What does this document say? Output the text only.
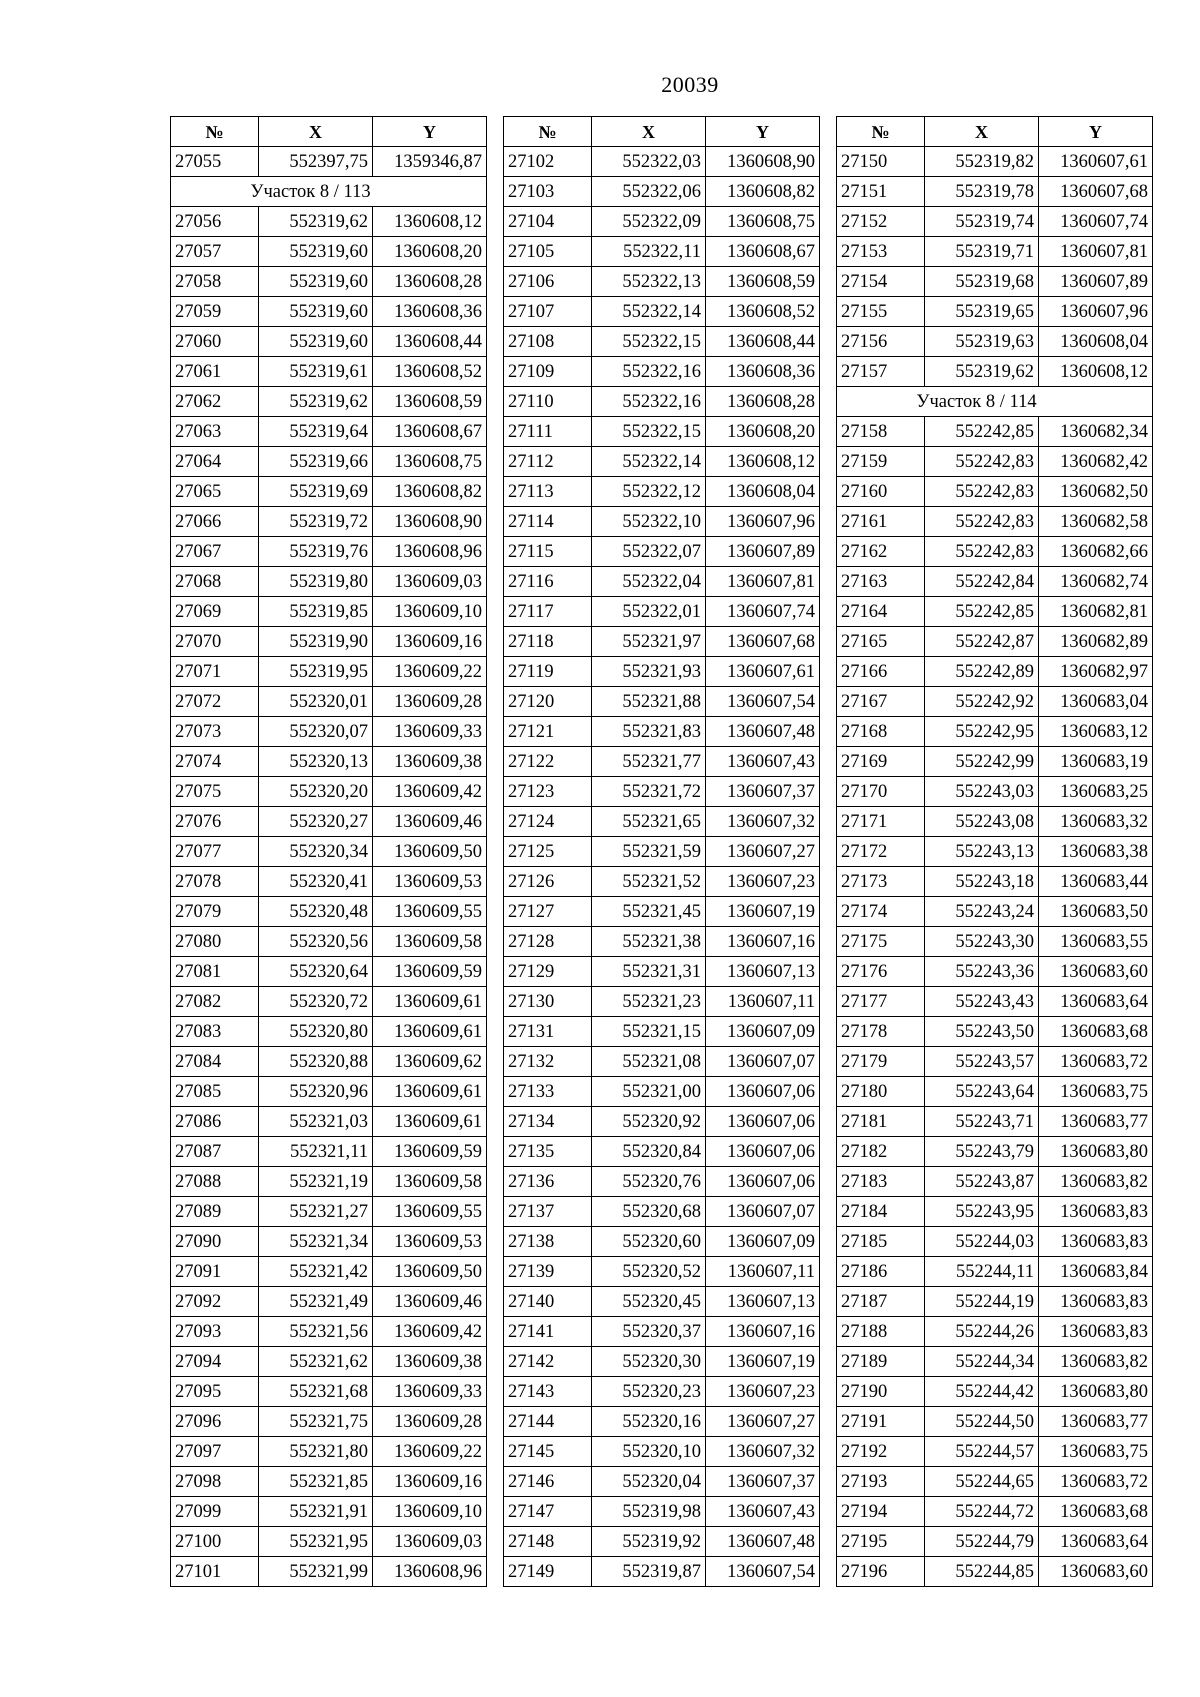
20039
№	X	Y
27055	552397,75	1359346,87
Участок 8 / 113		
27056	552319,62	1360608,12
27057	552319,60	1360608,20
27058	552319,60	1360608,28
27059	552319,60	1360608,36
27060	552319,60	1360608,44
27061	552319,61	1360608,52
27062	552319,62	1360608,59
27063	552319,64	1360608,67
27064	552319,66	1360608,75
27065	552319,69	1360608,82
27066	552319,72	1360608,90
27067	552319,76	1360608,96
27068	552319,80	1360609,03
27069	552319,85	1360609,10
27070	552319,90	1360609,16
27071	552319,95	1360609,22
27072	552320,01	1360609,28
27073	552320,07	1360609,33
27074	552320,13	1360609,38
27075	552320,20	1360609,42
27076	552320,27	1360609,46
27077	552320,34	1360609,50
27078	552320,41	1360609,53
27079	552320,48	1360609,55
27080	552320,56	1360609,58
27081	552320,64	1360609,59
27082	552320,72	1360609,61
27083	552320,80	1360609,61
27084	552320,88	1360609,62
27085	552320,96	1360609,61
27086	552321,03	1360609,61
27087	552321,11	1360609,59
27088	552321,19	1360609,58
27089	552321,27	1360609,55
27090	552321,34	1360609,53
27091	552321,42	1360609,50
27092	552321,49	1360609,46
27093	552321,56	1360609,42
27094	552321,62	1360609,38
27095	552321,68	1360609,33
27096	552321,75	1360609,28
27097	552321,80	1360609,22
27098	552321,85	1360609,16
27099	552321,91	1360609,10
27100	552321,95	1360609,03
27101	552321,99	1360608,96
№	X	Y
27102	552322,03	1360608,90
27103	552322,06	1360608,82
27104	552322,09	1360608,75
27105	552322,11	1360608,67
27106	552322,13	1360608,59
27107	552322,14	1360608,52
27108	552322,15	1360608,44
27109	552322,16	1360608,36
27110	552322,16	1360608,28
27111	552322,15	1360608,20
27112	552322,14	1360608,12
27113	552322,12	1360608,04
27114	552322,10	1360607,96
27115	552322,07	1360607,89
27116	552322,04	1360607,81
27117	552322,01	1360607,74
27118	552321,97	1360607,68
27119	552321,93	1360607,61
27120	552321,88	1360607,54
27121	552321,83	1360607,48
27122	552321,77	1360607,43
27123	552321,72	1360607,37
27124	552321,65	1360607,32
27125	552321,59	1360607,27
27126	552321,52	1360607,23
27127	552321,45	1360607,19
27128	552321,38	1360607,16
27129	552321,31	1360607,13
27130	552321,23	1360607,11
27131	552321,15	1360607,09
27132	552321,08	1360607,07
27133	552321,00	1360607,06
27134	552320,92	1360607,06
27135	552320,84	1360607,06
27136	552320,76	1360607,06
27137	552320,68	1360607,07
27138	552320,60	1360607,09
27139	552320,52	1360607,11
27140	552320,45	1360607,13
27141	552320,37	1360607,16
27142	552320,30	1360607,19
27143	552320,23	1360607,23
27144	552320,16	1360607,27
27145	552320,10	1360607,32
27146	552320,04	1360607,37
27147	552319,98	1360607,43
27148	552319,92	1360607,48
27149	552319,87	1360607,54
№	X	Y
27150	552319,82	1360607,61
27151	552319,78	1360607,68
27152	552319,74	1360607,74
27153	552319,71	1360607,81
27154	552319,68	1360607,89
27155	552319,65	1360607,96
27156	552319,63	1360608,04
27157	552319,62	1360608,12
Участок 8 / 114		
27158	552242,85	1360682,34
27159	552242,83	1360682,42
27160	552242,83	1360682,50
27161	552242,83	1360682,58
27162	552242,83	1360682,66
27163	552242,84	1360682,74
27164	552242,85	1360682,81
27165	552242,87	1360682,89
27166	552242,89	1360682,97
27167	552242,92	1360683,04
27168	552242,95	1360683,12
27169	552242,99	1360683,19
27170	552243,03	1360683,25
27171	552243,08	1360683,32
27172	552243,13	1360683,38
27173	552243,18	1360683,44
27174	552243,24	1360683,50
27175	552243,30	1360683,55
27176	552243,36	1360683,60
27177	552243,43	1360683,64
27178	552243,50	1360683,68
27179	552243,57	1360683,72
27180	552243,64	1360683,75
27181	552243,71	1360683,77
27182	552243,79	1360683,80
27183	552243,87	1360683,82
27184	552243,95	1360683,83
27185	552244,03	1360683,83
27186	552244,11	1360683,84
27187	552244,19	1360683,83
27188	552244,26	1360683,83
27189	552244,34	1360683,82
27190	552244,42	1360683,80
27191	552244,50	1360683,77
27192	552244,57	1360683,75
27193	552244,65	1360683,72
27194	552244,72	1360683,68
27195	552244,79	1360683,64
27196	552244,85	1360683,60
